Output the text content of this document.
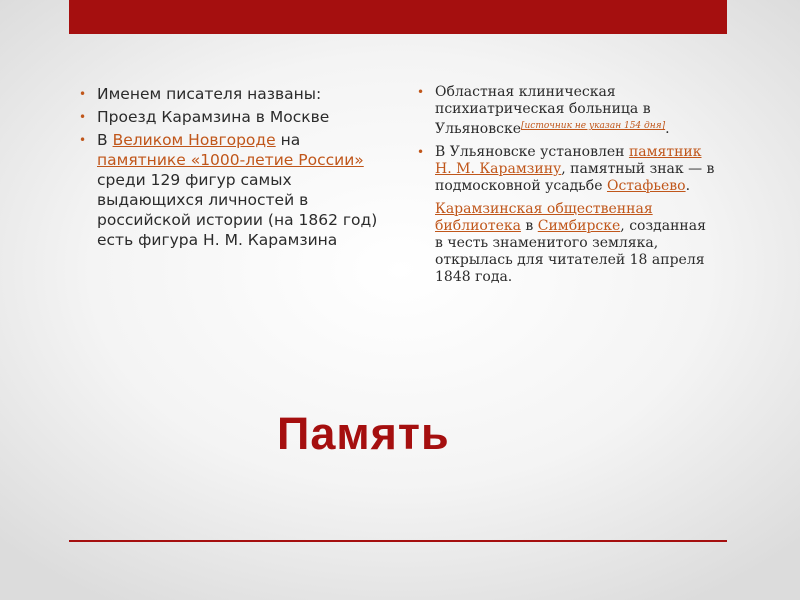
• Именем писателя названы:
• Проезд Карамзина в Москве
• В Великом Новгороде на памятнике «1000-летие России» среди 129 фигур самых выдающихся личностей в российской истории (на 1862 год) есть фигура Н. М. Карамзина
• Областная клиническая психиатрическая больница в Ульяновске[источник не указан 154 дня].
• В Ульяновске установлен памятник Н. М. Карамзину, памятный знак — в подмосковной усадьбе Остафьево.
Карамзинская общественная библиотека в Симбирске, созданная в честь знаменитого земляка, открылась для читателей 18 апреля 1848 года.
Память
